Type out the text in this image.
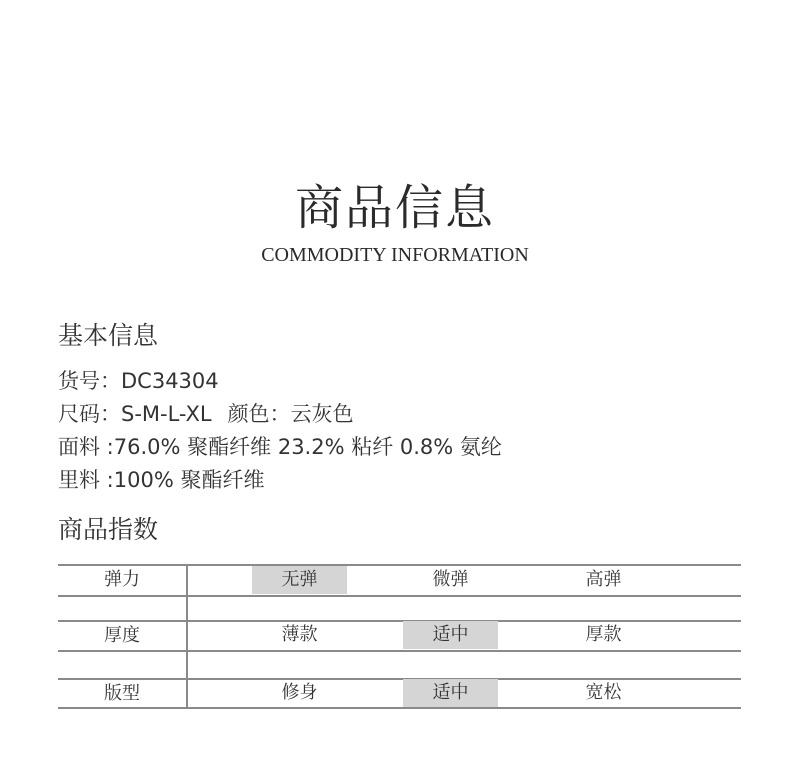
商品信息
COMMODITY INFORMATION
基本信息
货号：DC34304
尺码：S-M-L-XL 颜色：云灰色
面料 :76.0% 聚酯纤维 23.2% 粘纤 0.8% 氨纶
里料 :100% 聚酯纤维
商品指数
弹力	无弹	微弹	高弹
厚度	薄款	适中	厚款
版型	修身	适中	宽松
